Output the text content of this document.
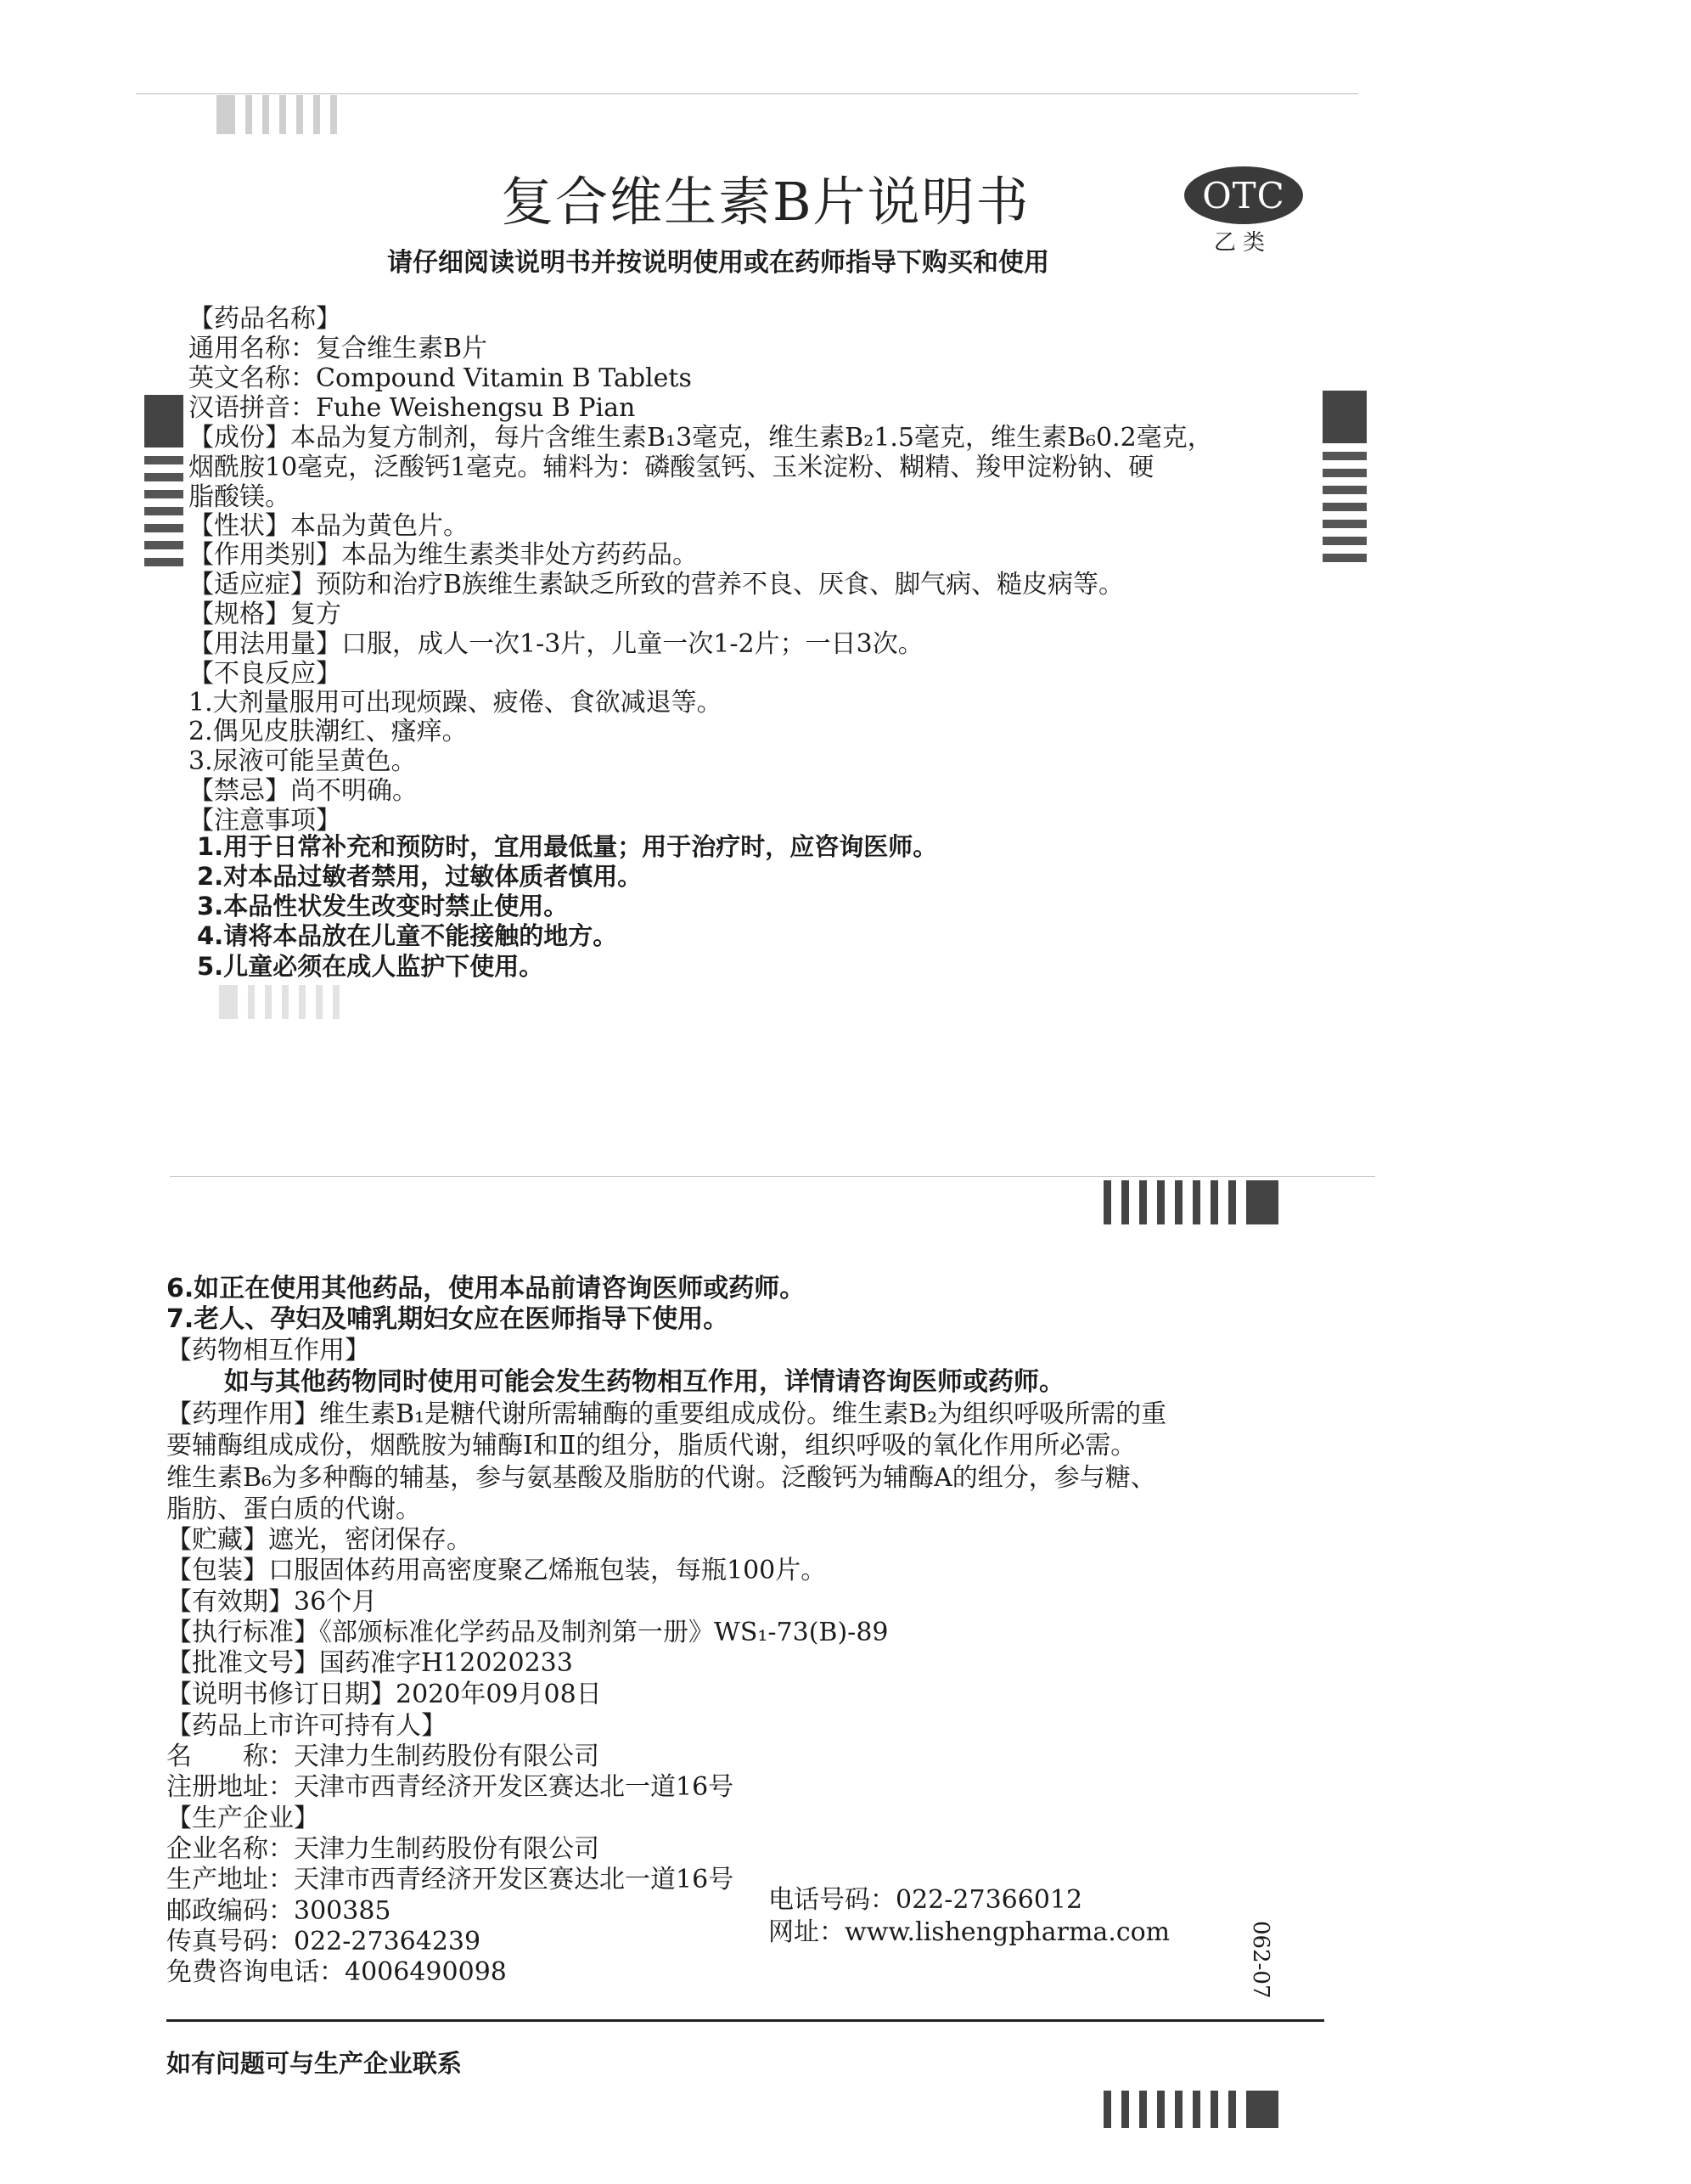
复合维生素B片说明书	OTC
乙类
请仔细阅读说明书并按说明使用或在药师指导下购买和使用
【药品名称】
通用名称：复合维生素B片
英文名称：Compound Vitamin B Tablets
汉语拼音：Fuhe Weishengsu B Pian
【成份】本品为复方制剂，每片含维生素B₁3毫克，维生素B₂1.5毫克，维生素B₆0.2毫克，
烟酰胺10毫克，泛酸钙1毫克。辅料为：磷酸氢钙、玉米淀粉、糊精、羧甲淀粉钠、硬
脂酸镁。
【性状】本品为黄色片。
【作用类别】本品为维生素类非处方药药品。
【适应症】预防和治疗B族维生素缺乏所致的营养不良、厌食、脚气病、糙皮病等。
【规格】复方
【用法用量】口服，成人一次1-3片，儿童一次1-2片；一日3次。
【不良反应】
1.大剂量服用可出现烦躁、疲倦、食欲减退等。
2.偶见皮肤潮红、瘙痒。
3.尿液可能呈黄色。
【禁忌】尚不明确。
【注意事项】
1.用于日常补充和预防时，宜用最低量；用于治疗时，应咨询医师。
2.对本品过敏者禁用，过敏体质者慎用。
3.本品性状发生改变时禁止使用。
4.请将本品放在儿童不能接触的地方。
5.儿童必须在成人监护下使用。
6.如正在使用其他药品，使用本品前请咨询医师或药师。
7.老人、孕妇及哺乳期妇女应在医师指导下使用。
【药物相互作用】
如与其他药物同时使用可能会发生药物相互作用，详情请咨询医师或药师。
【药理作用】维生素B₁是糖代谢所需辅酶的重要组成成份。维生素B₂为组织呼吸所需的重
要辅酶组成成份，烟酰胺为辅酶Ⅰ和Ⅱ的组分，脂质代谢，组织呼吸的氧化作用所必需。
维生素B₆为多种酶的辅基，参与氨基酸及脂肪的代谢。泛酸钙为辅酶A的组分，参与糖、
脂肪、蛋白质的代谢。
【贮藏】遮光，密闭保存。
【包装】口服固体药用高密度聚乙烯瓶包装，每瓶100片。
【有效期】36个月
【执行标准】《部颁标准化学药品及制剂第一册》WS₁-73(B)-89
【批准文号】国药准字H12020233
【说明书修订日期】2020年09月08日
【药品上市许可持有人】
名　　称：天津力生制药股份有限公司
注册地址：天津市西青经济开发区赛达北一道16号
【生产企业】
企业名称：天津力生制药股份有限公司
生产地址：天津市西青经济开发区赛达北一道16号
邮政编码：300385
传真号码：022-27364239
免费咨询电话：4006490098
电话号码：022-27366012
网址：www.lishengpharma.com	062-07
如有问题可与生产企业联系
